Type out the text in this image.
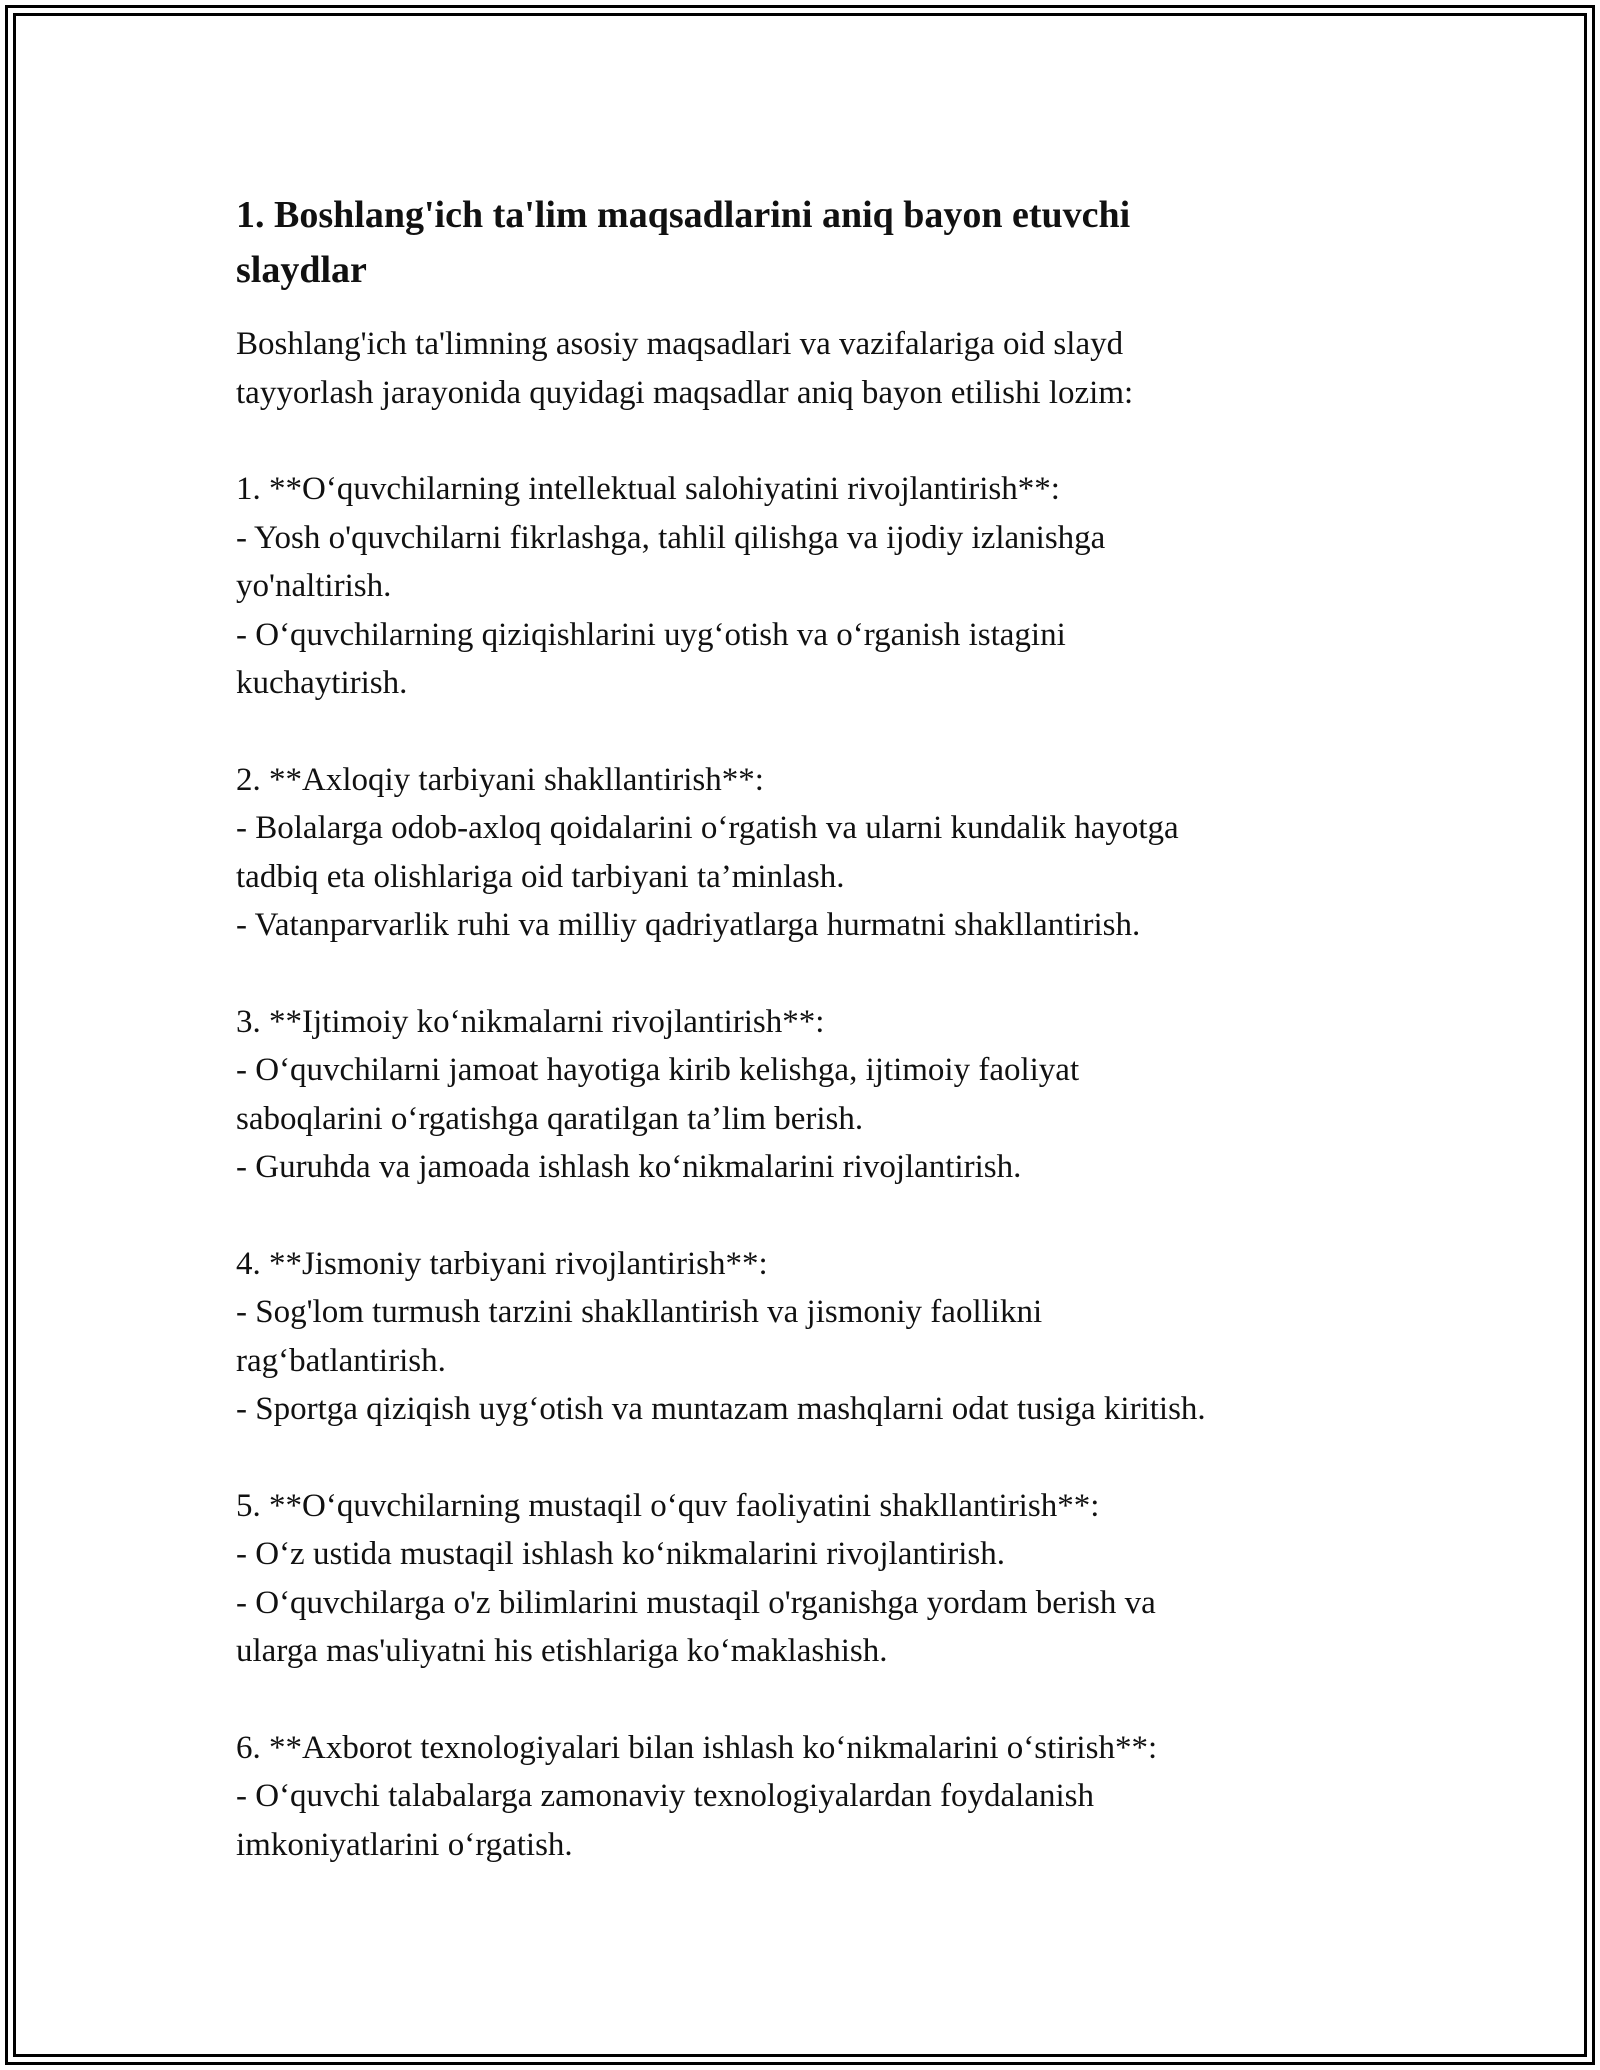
1. Boshlang'ich ta'lim maqsadlarini aniq bayon etuvchi
slaydlar

Boshlang'ich ta'limning asosiy maqsadlari va vazifalariga oid slayd
tayyorlash jarayonida quyidagi maqsadlar aniq bayon etilishi lozim:

1. **O‘quvchilarning intellektual salohiyatini rivojlantirish**:
- Yosh o'quvchilarni fikrlashga, tahlil qilishga va ijodiy izlanishga
yo'naltirish.
- O‘quvchilarning qiziqishlarini uyg‘otish va o‘rganish istagini
kuchaytirish.
2. **Axloqiy tarbiyani shakllantirish**:
- Bolalarga odob-axloq qoidalarini o‘rgatish va ularni kundalik hayotga
tadbiq eta olishlariga oid tarbiyani ta’minlash.
- Vatanparvarlik ruhi va milliy qadriyatlarga hurmatni shakllantirish.
3. **Ijtimoiy ko‘nikmalarni rivojlantirish**:
- O‘quvchilarni jamoat hayotiga kirib kelishga, ijtimoiy faoliyat
saboqlarini o‘rgatishga qaratilgan ta’lim berish.
- Guruhda va jamoada ishlash ko‘nikmalarini rivojlantirish.
4. **Jismoniy tarbiyani rivojlantirish**:
- Sog'lom turmush tarzini shakllantirish va jismoniy faollikni
rag‘batlantirish.
- Sportga qiziqish uyg‘otish va muntazam mashqlarni odat tusiga kiritish.
5. **O‘quvchilarning mustaqil o‘quv faoliyatini shakllantirish**:
- O‘z ustida mustaqil ishlash ko‘nikmalarini rivojlantirish.
- O‘quvchilarga o'z bilimlarini mustaqil o'rganishga yordam berish va
ularga mas'uliyatni his etishlariga ko‘maklashish.
6. **Axborot texnologiyalari bilan ishlash ko‘nikmalarini o‘stirish**:
- O‘quvchi talabalarga zamonaviy texnologiyalardan foydalanish
imkoniyatlarini o‘rgatish.
